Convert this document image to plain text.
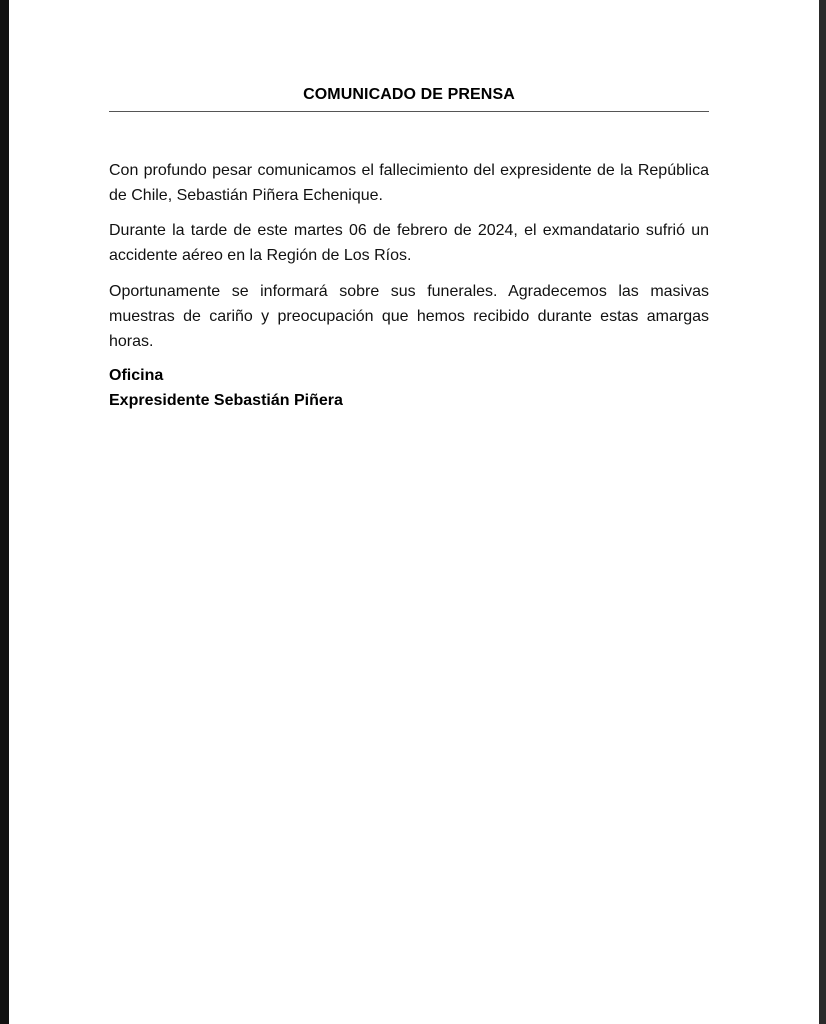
COMUNICADO DE PRENSA
Con profundo pesar comunicamos el fallecimiento del expresidente de la República de Chile, Sebastián Piñera Echenique.
Durante la tarde de este martes 06 de febrero de 2024, el exmandatario sufrió un accidente aéreo en la Región de Los Ríos.
Oportunamente se informará sobre sus funerales. Agradecemos las masivas muestras de cariño y preocupación que hemos recibido durante estas amargas horas.
Oficina
Expresidente Sebastián Piñera
